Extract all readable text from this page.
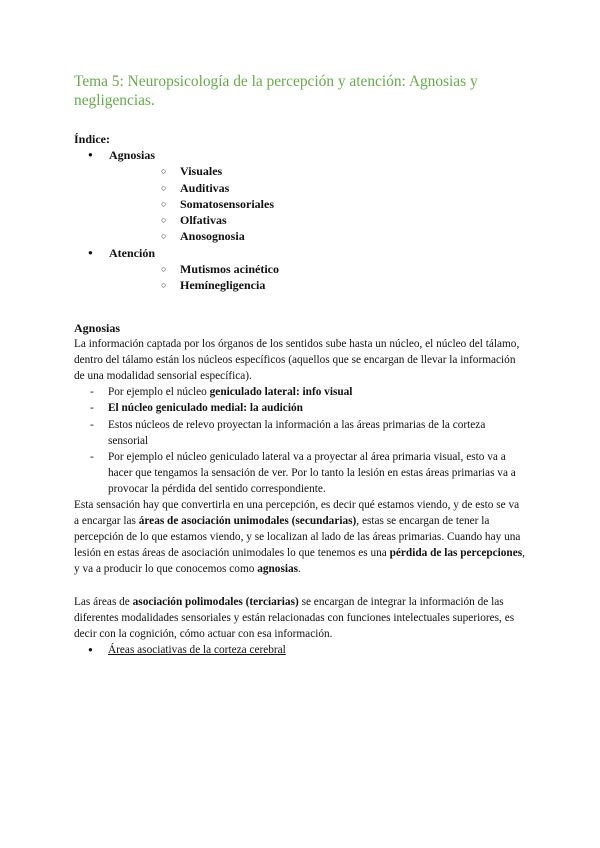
Tema 5: Neuropsicología de la percepción y atención: Agnosias y negligencias.
Índice:
● Agnosias
○ Visuales
○ Auditivas
○ Somatosensoriales
○ Olfativas
○ Anosognosia
● Atención
○ Mutismos acinético
○ Hemínegligencia
Agnosias

La información captada por los órganos de los sentidos sube hasta un núcleo, el núcleo del tálamo, dentro del tálamo están los núcleos específicos (aquellos que se encargan de llevar la información de una modalidad sensorial específica).

- Por ejemplo el núcleo geniculado lateral: info visual
- El núcleo geniculado medial: la audición
- Estos núcleos de relevo proyectan la información a las áreas primarias de la corteza sensorial
- Por ejemplo el núcleo geniculado lateral va a proyectar al área primaria visual, esto va a hacer que tengamos la sensación de ver. Por lo tanto la lesión en estas áreas primarias va a provocar la pérdida del sentido correspondiente.

Esta sensación hay que convertirla en una percepción, es decir qué estamos viendo, y de esto se va a encargar las áreas de asociación unimodales (secundarias), estas se encargan de tener la percepción de lo que estamos viendo, y se localizan al lado de las áreas primarias. Cuando hay una lesión en estas áreas de asociación unimodales lo que tenemos es una pérdida de las percepciones, y va a producir lo que conocemos como agnosias.

Las áreas de asociación polimodales (terciarias) se encargan de integrar la información de las diferentes modalidades sensoriales y están relacionadas con funciones intelectuales superiores, es decir con la cognición, cómo actuar con esa información.

● Áreas asociativas de la corteza cerebral
